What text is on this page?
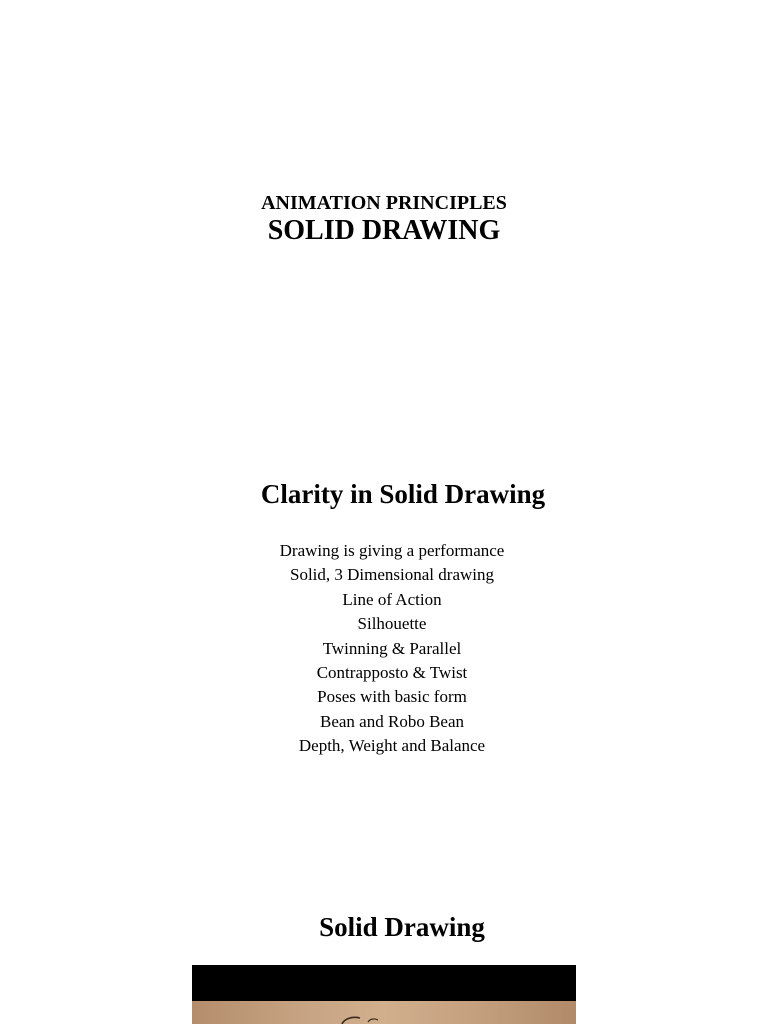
ANIMATION PRINCIPLES
SOLID DRAWING
Clarity in Solid Drawing
Drawing is giving a performance
Solid, 3 Dimensional drawing
Line of Action
Silhouette
Twinning & Parallel
Contrapposto & Twist
Poses with basic form
Bean and Robo Bean
Depth, Weight and Balance
Solid Drawing
